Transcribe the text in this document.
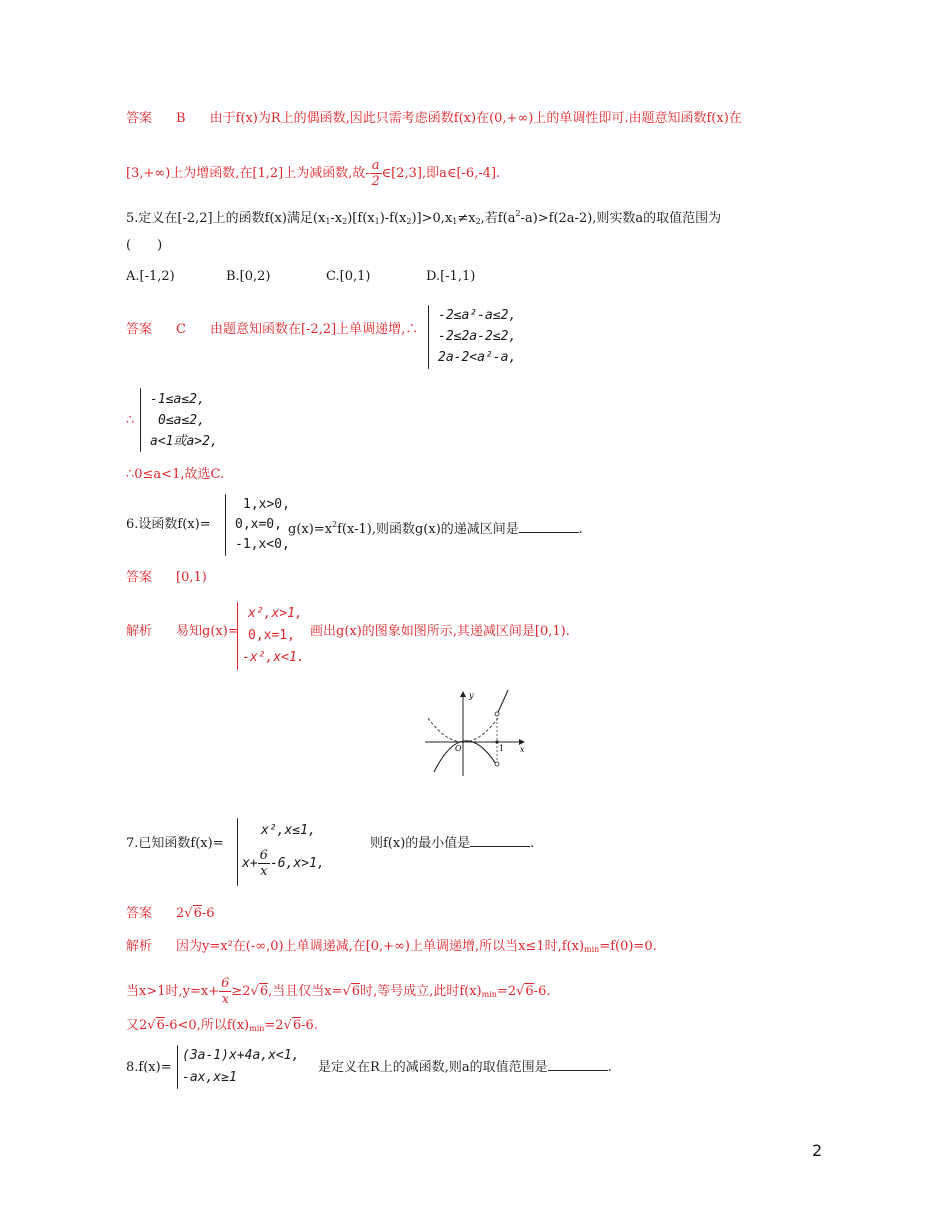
答案 B 由于f(x)为R上的偶函数,因此只需考虑函数f(x)在(0,+∞)上的单调性即可.由题意知函数f(x)在
[3,+∞)上为增函数,在[1,2]上为减函数,故- $\frac{a}{2}$ ∈[2,3],即a∈[-6,-4].
5.定义在[-2,2]上的函数f(x)满足$(x_1-x_2)[f(x_1)-f(x_2)]>0,x_1\ne x_2$,若$f(a^2-a)>f(2a-2)$,则实数a的取值范围为
(　　)
A.[-1,2)	B.[0,2)	C.[0,1)	D.[-1,1)
答案 C 由题意知函数在[-2,2]上单调递增,∴
-2≤a²-a≤2,
-2≤2a-2≤2,
2a-2<a²-a,
∴
-1≤a≤2,
0≤a≤2,
a<1或a>2,
∴0≤a<1,故选C.
6.设函数f(x)=
1,x>0,
0,x=0,
-1,x<0,
$g(x)=x^2f(x-1)$,则函数g(x)的递减区间是	.
答案 [0,1)
解析 易知g(x)=
x²,x>1,
0,x=1,
-x²,x<1.
画出g(x)的图象如图所示,其递减区间是[0,1).
y
x
O	1
7.已知函数f(x)=
x²,x≤1,
$x+ \frac{6}{x} -6,x>1$,
则f(x)的最小值是	.
答案 2√6-6
解析 因为y=x²在(-∞,0)上单调递减,在[0,+∞)上单调递增,所以当x≤1时$,f(x)_{min}=f(0)=0$.
当x>1时$,y=x+ \frac{6}{x} \ge 2√6$,当且仅当x=√6时,等号成立,此时$f(x)_{min}=2√6-6$.
又2√6-6<0,所以$f(x)_{min}=2√6-6$.
8.f(x)=
(3a-1)x+4a,x<1,
-ax,x≥1
是定义在R上的减函数,则a的取值范围是	.
2
